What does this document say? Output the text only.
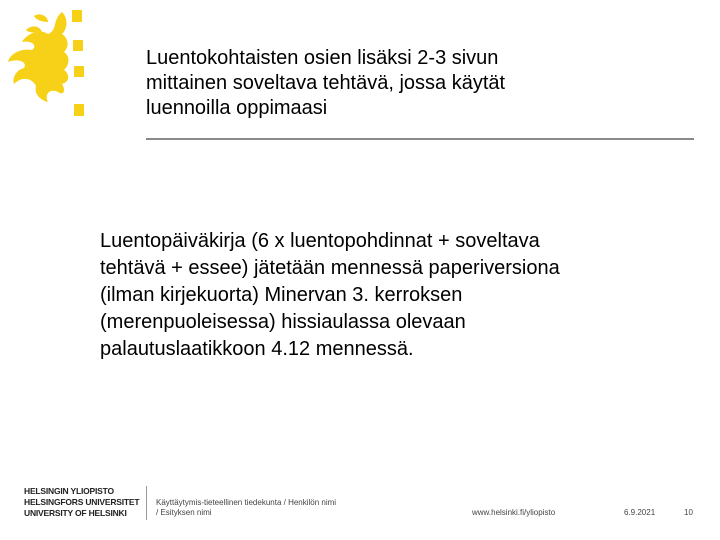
Luentokohtaisten osien lisäksi 2-3 sivun
mittainen soveltava tehtävä, jossa käytät
luennoilla oppimaasi
Luentopäiväkirja (6 x luentopohdinnat + soveltava
tehtävä + essee) jätetään mennessä paperiversiona
(ilman kirjekuorta) Minervan 3. kerroksen
(merenpuoleisessa) hissiaulassa olevaan
palautuslaatikkoon 4.12 mennessä.
HELSINGIN YLIOPISTO
HELSINGFORS UNIVERSITET
UNIVERSITY OF HELSINKI
Käyttäytymis-tieteellinen tiedekunta / Henkilön nimi
/ Esityksen nimi	www.helsinki.fi/yliopisto	6.9.2021	10
